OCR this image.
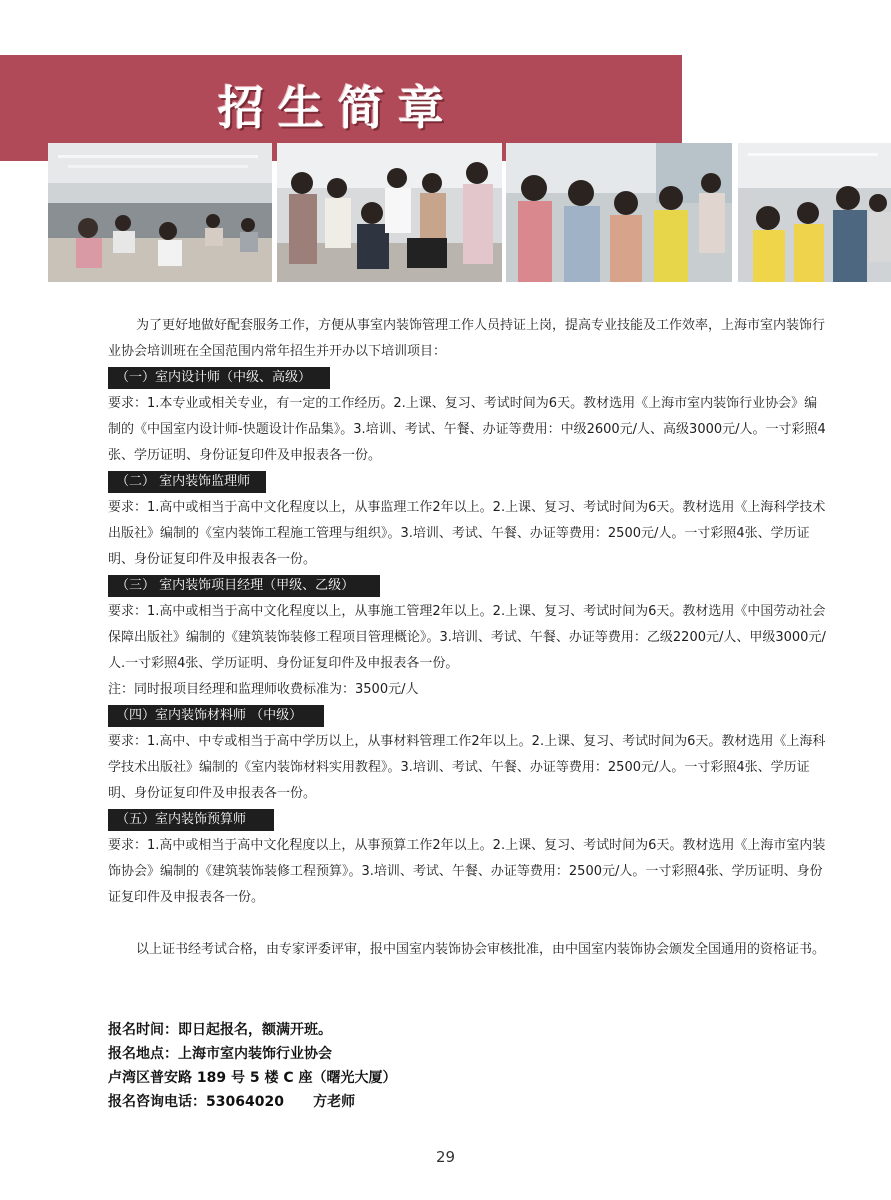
招生简章

为了更好地做好配套服务工作，方便从事室内装饰管理工作人员持证上岗，提高专业技能及工作效率，上海市室内装饰行业协会培训班在全国范围内常年招生并开办以下培训项目：

（一）室内设计师（中级、高级）

要求：1.本专业或相关专业，有一定的工作经历。2.上课、复习、考试时间为6天。教材选用《上海市室内装饰行业协会》编制的《中国室内设计师-快题设计作品集》。3.培训、考试、午餐、办证等费用：中级2600元/人、高级3000元/人。一寸彩照4张、学历证明、身份证复印件及申报表各一份。

（二） 室内装饰监理师

要求：1.高中或相当于高中文化程度以上，从事监理工作2年以上。2.上课、复习、考试时间为6天。教材选用《上海科学技术出版社》编制的《室内装饰工程施工管理与组织》。3.培训、考试、午餐、办证等费用：2500元/人。一寸彩照4张、学历证明、身份证复印件及申报表各一份。

（三） 室内装饰项目经理（甲级、乙级）

要求：1.高中或相当于高中文化程度以上，从事施工管理2年以上。2.上课、复习、考试时间为6天。教材选用《中国劳动社会保障出版社》编制的《建筑装饰装修工程项目管理概论》。3.培训、考试、午餐、办证等费用：乙级2200元/人、甲级3000元/人.一寸彩照4张、学历证明、身份证复印件及申报表各一份。

注：同时报项目经理和监理师收费标准为：3500元/人

（四）室内装饰材料师 （中级）

要求：1.高中、中专或相当于高中学历以上，从事材料管理工作2年以上。2.上课、复习、考试时间为6天。教材选用《上海科学技术出版社》编制的《室内装饰材料实用教程》。3.培训、考试、午餐、办证等费用：2500元/人。一寸彩照4张、学历证明、身份证复印件及申报表各一份。

（五）室内装饰预算师

要求：1.高中或相当于高中文化程度以上，从事预算工作2年以上。2.上课、复习、考试时间为6天。教材选用《上海市室内装饰协会》编制的《建筑装饰装修工程预算》。3.培训、考试、午餐、办证等费用：2500元/人。一寸彩照4张、学历证明、身份证复印件及申报表各一份。

以上证书经考试合格，由专家评委评审，报中国室内装饰协会审核批准，由中国室内装饰协会颁发全国通用的资格证书。

报名时间：即日起报名，额满开班。
报名地点：上海市室内装饰行业协会
卢湾区普安路 189 号 5 楼 C 座（曙光大厦）
报名咨询电话：53064020      方老师
29
